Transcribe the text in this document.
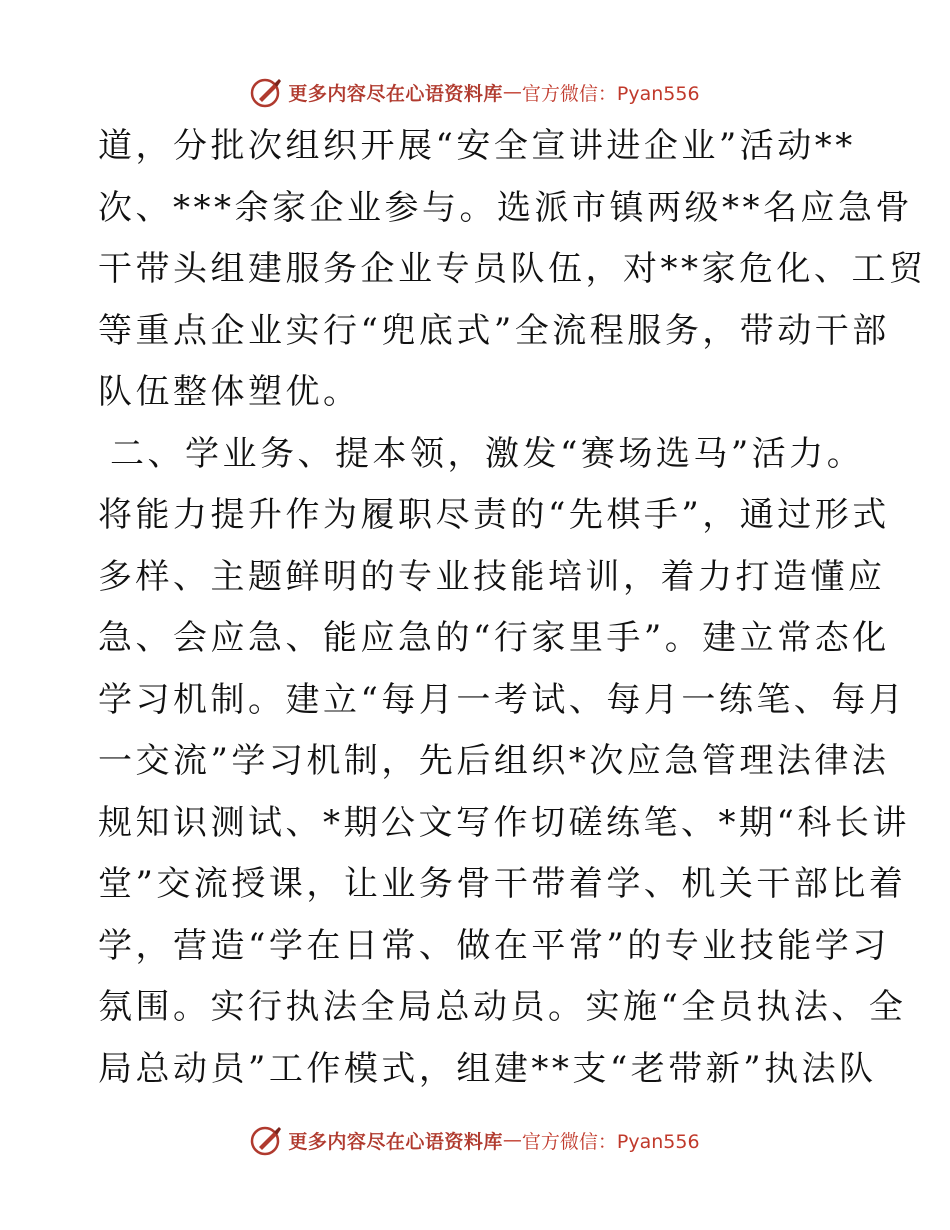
更多内容尽在心语资料库 — 官方微信：Pyan556
道，分批次组织开展“安全宣讲进企业”活动**
次、***余家企业参与。选派市镇两级**名应急骨
干带头组建服务企业专员队伍，对**家危化、工贸
等重点企业实行“兜底式”全流程服务，带动干部
队伍整体塑优。
二、学业务、提本领，激发“赛场选马”活力。
将能力提升作为履职尽责的“先棋手”，通过形式
多样、主题鲜明的专业技能培训，着力打造懂应
急、会应急、能应急的“行家里手”。建立常态化
学习机制。建立“每月一考试、每月一练笔、每月
一交流”学习机制，先后组织*次应急管理法律法
规知识测试、*期公文写作切磋练笔、*期“科长讲
堂”交流授课，让业务骨干带着学、机关干部比着
学，营造“学在日常、做在平常”的专业技能学习
氛围。实行执法全局总动员。实施“全员执法、全
局总动员”工作模式，组建**支“老带新”执法队
更多内容尽在心语资料库 — 官方微信：Pyan556
